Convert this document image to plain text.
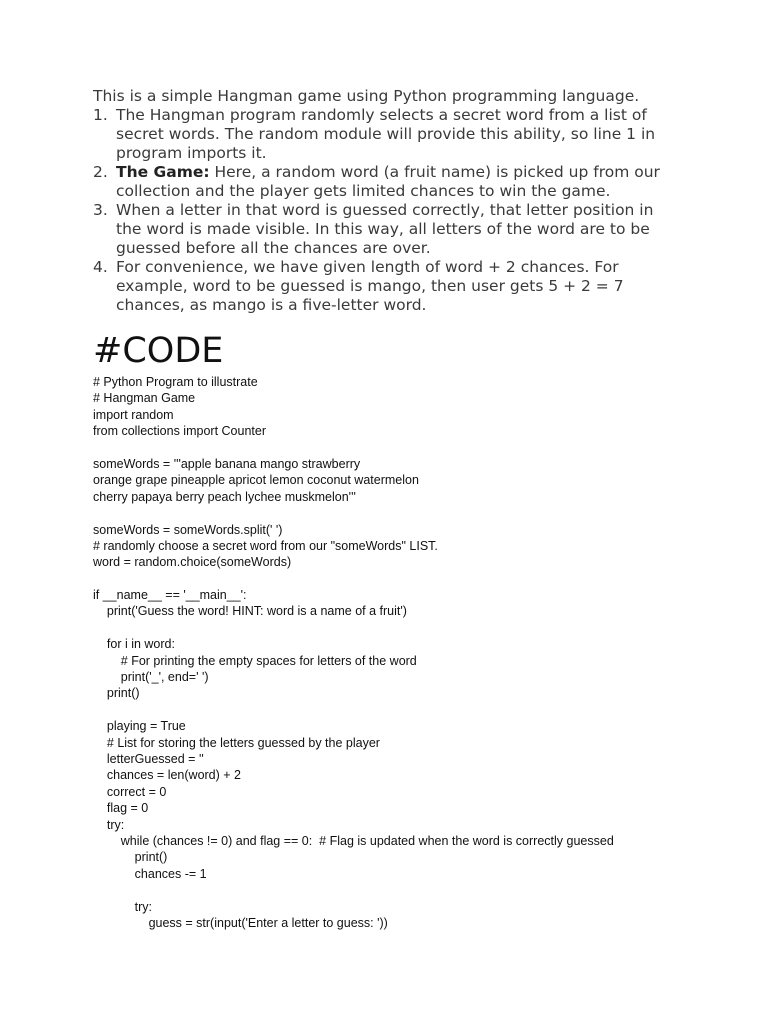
This is a simple Hangman game using Python programming language.

1. The Hangman program randomly selects a secret word from a list of secret words. The random module will provide this ability, so line 1 in program imports it.
2. The Game: Here, a random word (a fruit name) is picked up from our collection and the player gets limited chances to win the game.
3. When a letter in that word is guessed correctly, that letter position in the word is made visible. In this way, all letters of the word are to be guessed before all the chances are over.
4. For convenience, we have given length of word + 2 chances. For example, word to be guessed is mango, then user gets 5 + 2 = 7 chances, as mango is a five-letter word.
#CODE
# Python Program to illustrate
# Hangman Game
import random
from collections import Counter
someWords = '''apple banana mango strawberry
orange grape pineapple apricot lemon coconut watermelon
cherry papaya berry peach lychee muskmelon'''
someWords = someWords.split(' ')
# randomly choose a secret word from our "someWords" LIST.
word = random.choice(someWords)
if __name__ == '__main__':
print('Guess the word! HINT: word is a name of a fruit')
for i in word:
# For printing the empty spaces for letters of the word
print('_', end=' ')
print()
playing = True
# List for storing the letters guessed by the player
letterGuessed = ''
chances = len(word) + 2
correct = 0
flag = 0
try:
while (chances != 0) and flag == 0:  # Flag is updated when the word is correctly guessed
print()
chances -= 1
try:
guess = str(input('Enter a letter to guess: '))
